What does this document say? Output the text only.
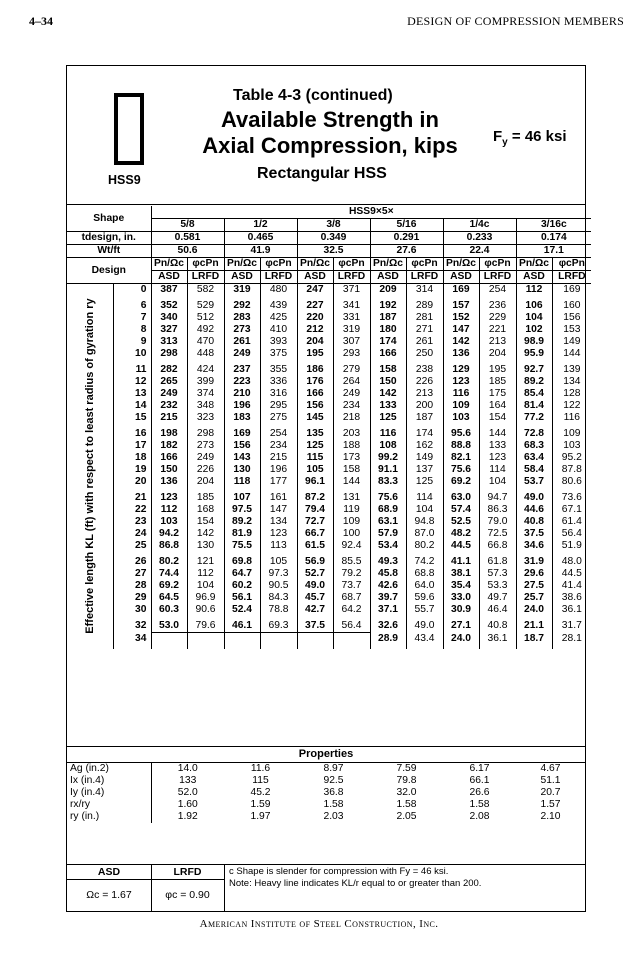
4–34	DESIGN OF COMPRESSION MEMBERS
HSS9
Table 4-3 (continued)
Available Strength in
Axial Compression, kips
Rectangular HSS
$F_y = 46$ ksi
Shape		HSS9×5×											
		5/8		1/2		3/8		5/16		1/4c		3/16c	
tdesign, in.		0.581		0.465		0.349		0.291		0.233		0.174	
Wt/ft		50.6		41.9		32.5		27.6		22.4		17.1	
Design		Pn/Ωc	φcPn	Pn/Ωc	φcPn	Pn/Ωc	φcPn	Pn/Ωc	φcPn	Pn/Ωc	φcPn	Pn/Ωc	φcPn
		ASD	LRFD	ASD	LRFD	ASD	LRFD	ASD	LRFD	ASD	LRFD	ASD	LRFD

Effective length KL (ft) with respect to least radius of gyration ry	0	387	582	319	480	247	371	209	314	169	254	112	169

	6	352	529	292	439	227	341	192	289	157	236	106	160
	7	340	512	283	425	220	331	187	281	152	229	104	156
	8	327	492	273	410	212	319	180	271	147	221	102	153
	9	313	470	261	393	204	307	174	261	142	213	98.9	149
	10	298	448	249	375	195	293	166	250	136	204	95.9	144

	11	282	424	237	355	186	279	158	238	129	195	92.7	139
	12	265	399	223	336	176	264	150	226	123	185	89.2	134
	13	249	374	210	316	166	249	142	213	116	175	85.4	128
	14	232	348	196	295	156	234	133	200	109	164	81.4	122
	15	215	323	183	275	145	218	125	187	103	154	77.2	116

	16	198	298	169	254	135	203	116	174	95.6	144	72.8	109
	17	182	273	156	234	125	188	108	162	88.8	133	68.3	103
	18	166	249	143	215	115	173	99.2	149	82.1	123	63.4	95.2
	19	150	226	130	196	105	158	91.1	137	75.6	114	58.4	87.8
	20	136	204	118	177	96.1	144	83.3	125	69.2	104	53.7	80.6

	21	123	185	107	161	87.2	131	75.6	114	63.0	94.7	49.0	73.6
	22	112	168	97.5	147	79.4	119	68.9	104	57.4	86.3	44.6	67.1
	23	103	154	89.2	134	72.7	109	63.1	94.8	52.5	79.0	40.8	61.4
	24	94.2	142	81.9	123	66.7	100	57.9	87.0	48.2	72.5	37.5	56.4
	25	86.8	130	75.5	113	61.5	92.4	53.4	80.2	44.5	66.8	34.6	51.9

	26	80.2	121	69.8	105	56.9	85.5	49.3	74.2	41.1	61.8	31.9	48.0
	27	74.4	112	64.7	97.3	52.7	79.2	45.8	68.8	38.1	57.3	29.6	44.5
	28	69.2	104	60.2	90.5	49.0	73.7	42.6	64.0	35.4	53.3	27.5	41.4
	29	64.5	96.9	56.1	84.3	45.7	68.7	39.7	59.6	33.0	49.7	25.7	38.6
	30	60.3	90.6	52.4	78.8	42.7	64.2	37.1	55.7	30.9	46.4	24.0	36.1

	32	53.0	79.6	46.1	69.3	37.5	56.4	32.6	49.0	27.1	40.8	21.1	31.7
	34							28.9	43.4	24.0	36.1	18.7	28.1

Properties
Ag (in.2)	14.0	11.6	8.97	7.59	6.17	4.67
Ix (in.4)	133	115	92.5	79.8	66.1	51.1
Iy (in.4)	52.0	45.2	36.8	32.0	26.6	20.7
rx/ry	1.60	1.59	1.58	1.58	1.58	1.57
ry (in.)	1.92	1.97	2.03	2.05	2.08	2.10
ASD	LRFD
Ωc = 1.67	φc = 0.90
c Shape is slender for compression with Fy = 46 ksi.
Note: Heavy line indicates KL/r equal to or greater than 200.
American Institute of Steel Construction, Inc.
